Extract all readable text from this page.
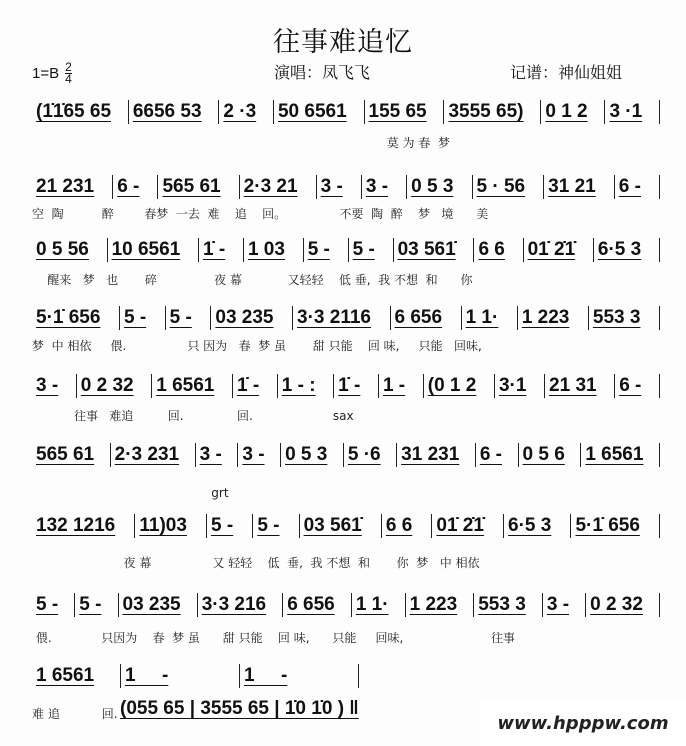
往事难追忆
$1=B \frac{2}{4}$	演唱：凤飞飞	记谱：神仙姐姐
(1̇1̇65 65	6656 53	2 ·3	50 6561	155 65	3555 65)	0 1 2	3 ·1
莫 为 春  梦
21 231	6 -	565 61	2·3 21	3 -	3 -	0 5 3	5 · 56	31 21	6 -
空  陶          醉        春梦  一去  难    追    回。              不要  陶  醉    梦   境      美
0 5 56	10 6561	1̇ -	1 03	5 -	5 -	03 561̇	6 6	01̇ 2̇1̇	6·5 3
醒来   梦   也       碎               夜 幕            又轻轻    低 垂,  我 不想  和      你
5·1̇ 656	5 -	5 -	03 235	3·3 2116	6 656	1 1·	1 223	553 3
梦  中 相依     偎.                只 因为   春  梦 虽       甜 只能    回 味,     只能   回味,
3 -	0 2 32	1 6561	1̇ -	1 - :	1̇ -	1 -	(0 1 2	3·1	21 31	6 -
往事   难追         回.              回.                     sax
565 61	2·3 231	3 -	3 -	0 5 3	5 ·6	31 231	6 -	0 5 6	1 6561
grt
132 1216	11)03	5 -	5 -	03 561̇	6 6	01̇ 2̇1̇	6·5 3	5·1̇ 656
夜 幕                又 轻轻    低  垂,  我 不想  和       你  梦   中 相依
5 -	5 -	03 235	3·3 216	6 656	1 1·	1 223	553 3	3 -	0 2 32
偎.             只因为    春  梦 虽      甜 只能    回 味,      只能     回味,                       往事
1 6561	1     -	1     -
难 追           回. (055 65 | 3555 65 | 1̇0 1̇0 ) ‖
www.hpppw.com
